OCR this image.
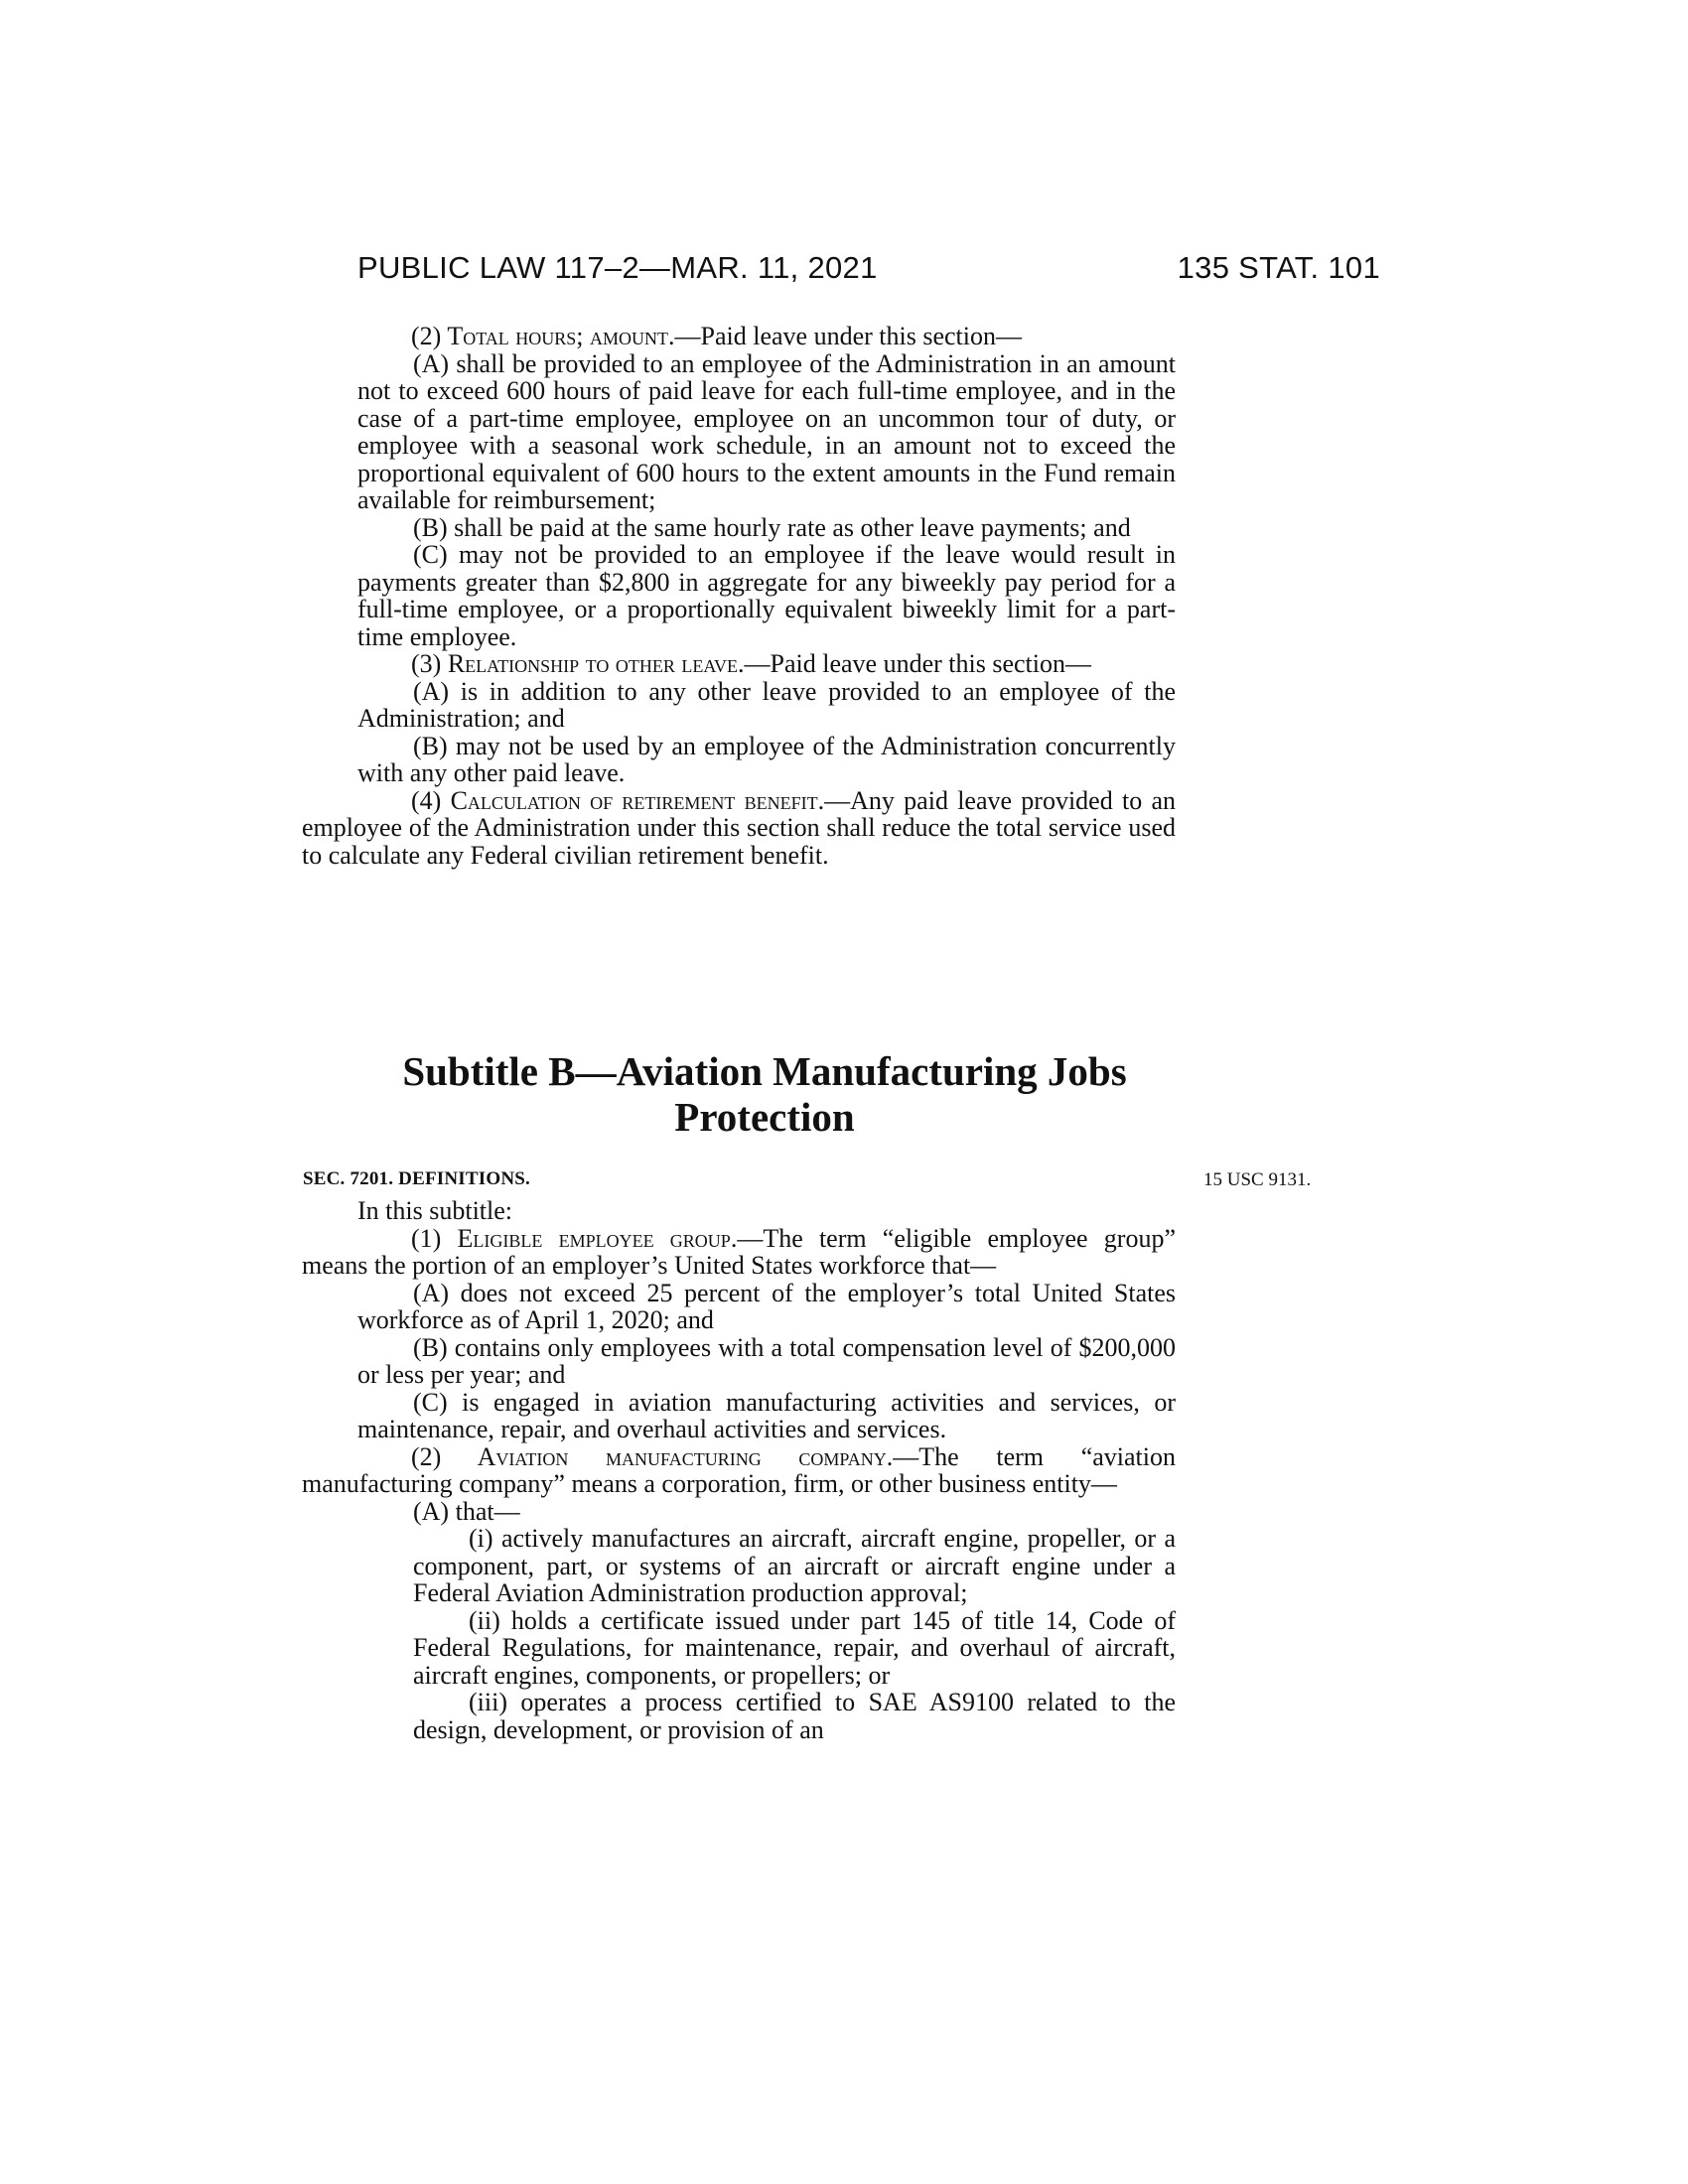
PUBLIC LAW 117–2—MAR. 11, 2021	135 STAT. 101

(2) Total hours; amount.—Paid leave under this section—

(A) shall be provided to an employee of the Administration in an amount not to exceed 600 hours of paid leave for each full-time employee, and in the case of a part-time employee, employee on an uncommon tour of duty, or employee with a seasonal work schedule, in an amount not to exceed the proportional equivalent of 600 hours to the extent amounts in the Fund remain available for reimbursement;

(B) shall be paid at the same hourly rate as other leave payments; and

(C) may not be provided to an employee if the leave would result in payments greater than $2,800 in aggregate for any biweekly pay period for a full-time employee, or a proportionally equivalent biweekly limit for a part-time employee.

(3) Relationship to other leave.—Paid leave under this section—

(A) is in addition to any other leave provided to an employee of the Administration; and

(B) may not be used by an employee of the Administration concurrently with any other paid leave.

(4) Calculation of retirement benefit.—Any paid leave provided to an employee of the Administration under this section shall reduce the total service used to calculate any Federal civilian retirement benefit.

Subtitle B—Aviation Manufacturing Jobs
Protection
SEC. 7201. DEFINITIONS.	15 USC 9131.

In this subtitle:

(1) Eligible employee group.—The term “eligible employee group” means the portion of an employer’s United States workforce that—

(A) does not exceed 25 percent of the employer’s total United States workforce as of April 1, 2020; and

(B) contains only employees with a total compensation level of $200,000 or less per year; and

(C) is engaged in aviation manufacturing activities and services, or maintenance, repair, and overhaul activities and services.

(2) Aviation manufacturing company.—The term “aviation manufacturing company” means a corporation, firm, or other business entity—

(A) that—

(i) actively manufactures an aircraft, aircraft engine, propeller, or a component, part, or systems of an aircraft or aircraft engine under a Federal Aviation Administration production approval;

(ii) holds a certificate issued under part 145 of title 14, Code of Federal Regulations, for maintenance, repair, and overhaul of aircraft, aircraft engines, components, or propellers; or

(iii) operates a process certified to SAE AS9100 related to the design, development, or provision of an
